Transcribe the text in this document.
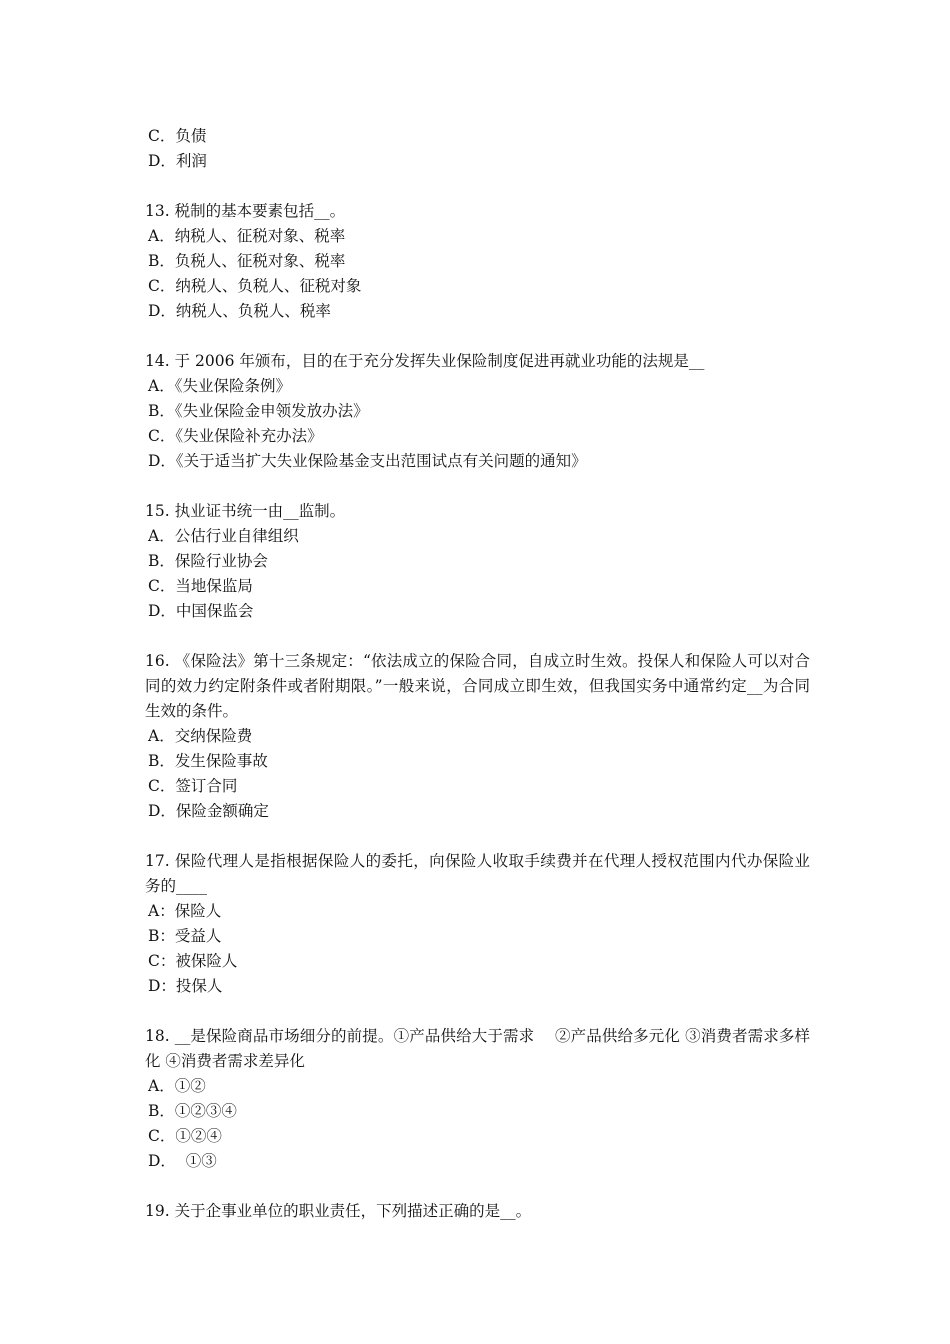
C．负债

D．利润

13. 税制的基本要素包括__。

A．纳税人、征税对象、税率

B．负税人、征税对象、税率

C．纳税人、负税人、征税对象

D．纳税人、负税人、税率

14. 于 2006 年颁布，目的在于充分发挥失业保险制度促进再就业功能的法规是__

A．《失业保险条例》

B．《失业保险金申领发放办法》

C．《失业保险补充办法》

D．《关于适当扩大失业保险基金支出范围试点有关问题的通知》

15. 执业证书统一由__监制。

A．公估行业自律组织

B．保险行业协会

C．当地保监局

D．中国保监会

16. 《保险法》第十三条规定：“依法成立的保险合同，自成立时生效。投保人和保险人可以对合同的效力约定附条件或者附期限。”一般来说，合同成立即生效，但我国实务中通常约定__为合同生效的条件。

A．交纳保险费

B．发生保险事故

C．签订合同

D．保险金额确定

17. 保险代理人是指根据保险人的委托，向保险人收取手续费并在代理人授权范围内代办保险业务的____

A：保险人

B：受益人

C：被保险人

D：投保人

18. __是保险商品市场细分的前提。①产品供给大于需求　 ②产品供给多元化 ③消费者需求多样化 ④消费者需求差异化

A．①②

B．①②③④

C．①②④

D．  ①③

19. 关于企事业单位的职业责任，下列描述正确的是__。
